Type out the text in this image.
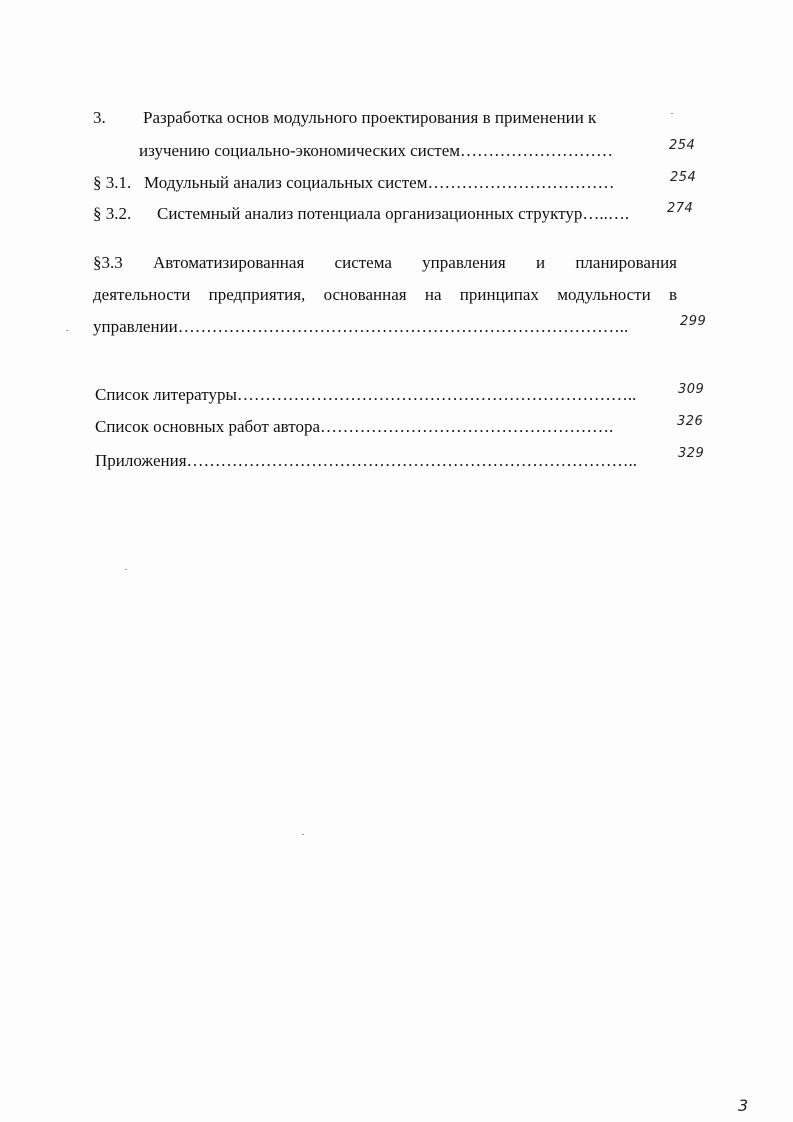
3. Разработка основ модульного проектирования в применении к
изучению социально-экономических систем………………………	254
§ 3.1. Модульный анализ социальных систем……………………………	254
§ 3.2. Системный анализ потенциала организационных структур…..….	274
§3.3 Автоматизированная система управления и планирования
деятельности предприятия, основанная на принципах модульности в
управлении……………………………………………………………………..	299
Список литературы……………………………………………………………..	309
Список основных работ автора…………………………………………….	326
Приложения……………………………………………………………………..	329
3
